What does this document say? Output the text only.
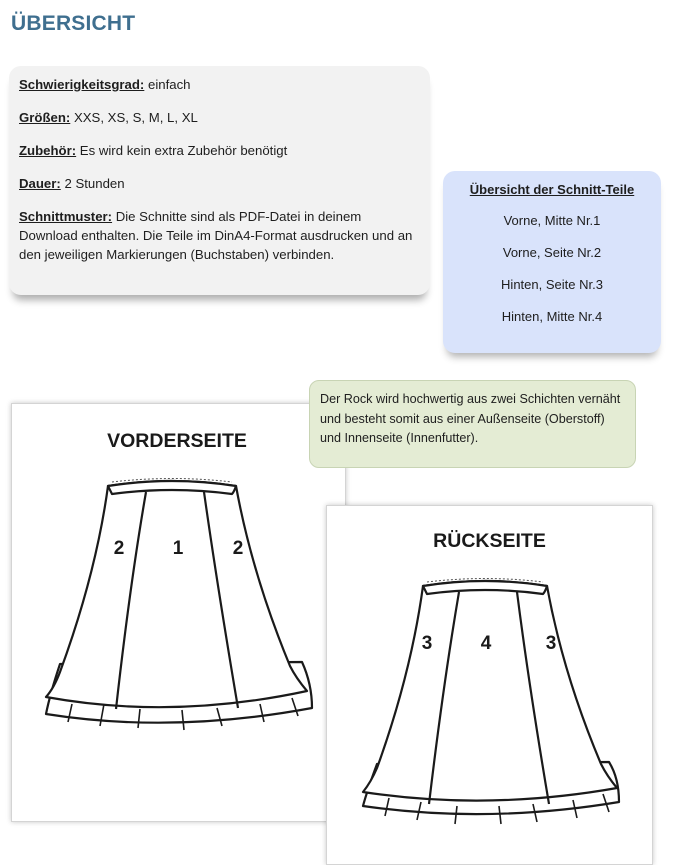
ÜBERSICHT

Schwierigkeitsgrad: einfach

Größen: XXS, XS, S, M, L, XL

Zubehör: Es wird kein extra Zubehör benötigt

Dauer: 2 Stunden

Schnittmuster: Die Schnitte sind als PDF-Datei in deinem Download enthalten. Die Teile im DinA4-Format ausdrucken und an den jeweiligen Markierungen (Buchstaben) verbinden.

Übersicht der Schnitt-Teile
Vorne, Mitte Nr.1
Vorne, Seite Nr.2
Hinten, Seite Nr.3
Hinten, Mitte Nr.4
VORDERSEITE
2	1	2
Der Rock wird hochwertig aus zwei Schichten vernäht und besteht somit aus einer Außenseite (Oberstoff) und Innenseite (Innenfutter).
RÜCKSEITE
3	4	3
